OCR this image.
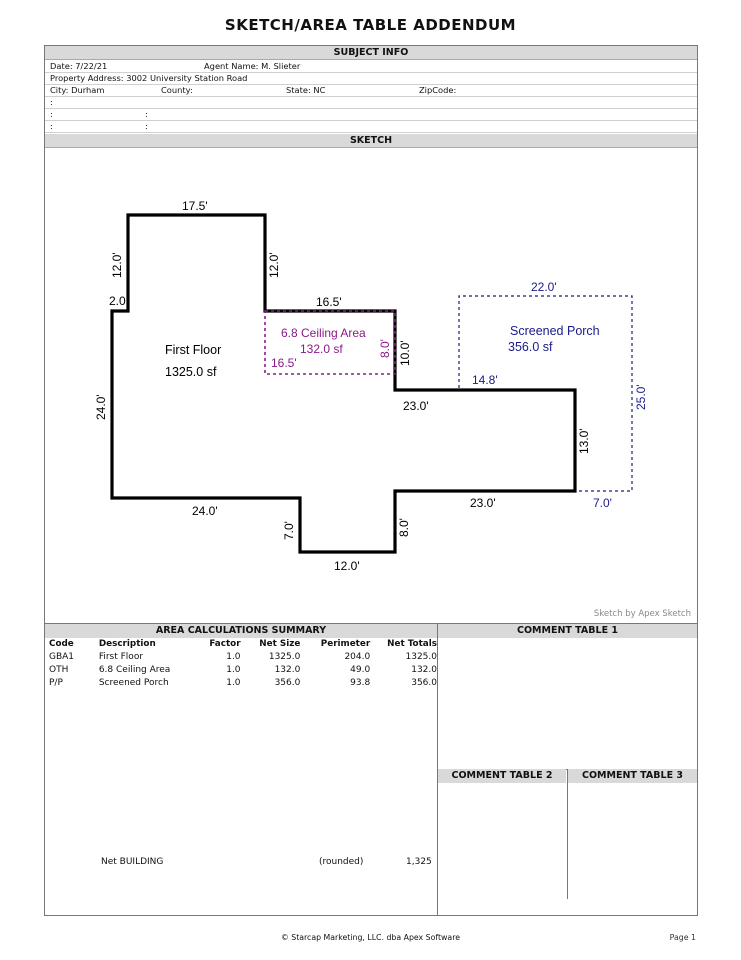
SKETCH/AREA TABLE ADDENDUM
SUBJECT INFO
Date: 7/22/21	Agent Name: M. Slieter
Property Address: 3002 University Station Road
City: Durham	County:	State: NC	ZipCode:
:
:	:
:	:
SKETCH
First Floor
1325.0 sf
6.8 Ceiling Area
132.0 sf
Screened Porch
356.0 sf
17.5'
12.0'	12.0'
2.0
24.0'
24.0'
7.0'
12.0'
8.0'
23.0'
23.0'
13.0'
16.5'
10.0'
16.5'
8.0'
22.0'
25.0'
7.0'
14.8'
Sketch by Apex Sketch
AREA CALCULATIONS SUMMARY
Code	Description	Factor	Net Size	Perimeter	Net Totals
GBA1	First Floor	1.0	1325.0	204.0	1325.0
OTH	6.8 Ceiling Area	1.0	132.0	49.0	132.0
P/P	Screened Porch	1.0	356.0	93.8	356.0
Net BUILDING	(rounded)	1,325
COMMENT TABLE 1
COMMENT TABLE 2	COMMENT TABLE 3
© Starcap Marketing, LLC. dba Apex Software	Page 1
